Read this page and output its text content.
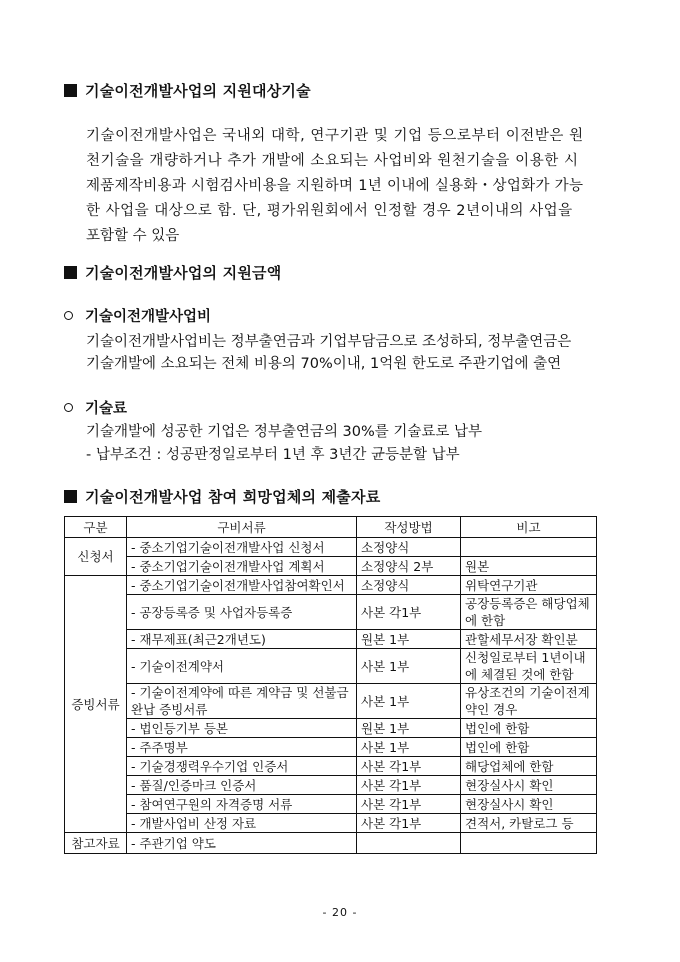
기술이전개발사업의 지원대상기술
기술이전개발사업은 국내외 대학, 연구기관 및 기업 등으로부터 이전받은 원
천기술을 개량하거나 추가 개발에 소요되는 사업비와 원천기술을 이용한 시
제품제작비용과 시험검사비용을 지원하며 1년 이내에 실용화・상업화가 가능
한 사업을 대상으로 함. 단, 평가위원회에서 인정할 경우 2년이내의 사업을
포함할 수 있음
기술이전개발사업의 지원금액
기술이전개발사업비
기술이전개발사업비는 정부출연금과 기업부담금으로 조성하되, 정부출연금은
기술개발에 소요되는 전체 비용의 70%이내, 1억원 한도로 주관기업에 출연
기술료
기술개발에 성공한 기업은 정부출연금의 30%를 기술료로 납부
- 납부조건 : 성공판정일로부터 1년 후 3년간 균등분할 납부
기술이전개발사업 참여 희망업체의 제출자료
구분	구비서류	작성방법	비고
신청서	- 중소기업기술이전개발사업 신청서	소정양식	
	- 중소기업기술이전개발사업 계획서	소정양식 2부	원본
증빙서류	- 중소기업기술이전개발사업참여확인서	소정양식	위탁연구기관
	- 공장등록증 및 사업자등록증	사본 각1부	공장등록증은 해당업체에 한함
	- 재무제표(최근2개년도)	원본 1부	관할세무서장 확인분
	- 기술이전계약서	사본 1부	신청일로부터 1년이내에 체결된 것에 한함
	- 기술이전계약에 따른 계약금 및 선불금 완납 증빙서류	사본 1부	유상조건의 기술이전계약인 경우
	- 법인등기부 등본	원본 1부	법인에 한함
	- 주주명부	사본 1부	법인에 한함
	- 기술경쟁력우수기업 인증서	사본 각1부	해당업체에 한함
	- 품질/인증마크 인증서	사본 각1부	현장실사시 확인
	- 참여연구원의 자격증명 서류	사본 각1부	현장실사시 확인
	- 개발사업비 산정 자료	사본 각1부	견적서, 카탈로그 등
참고자료	- 주관기업 약도		
- 20 -
